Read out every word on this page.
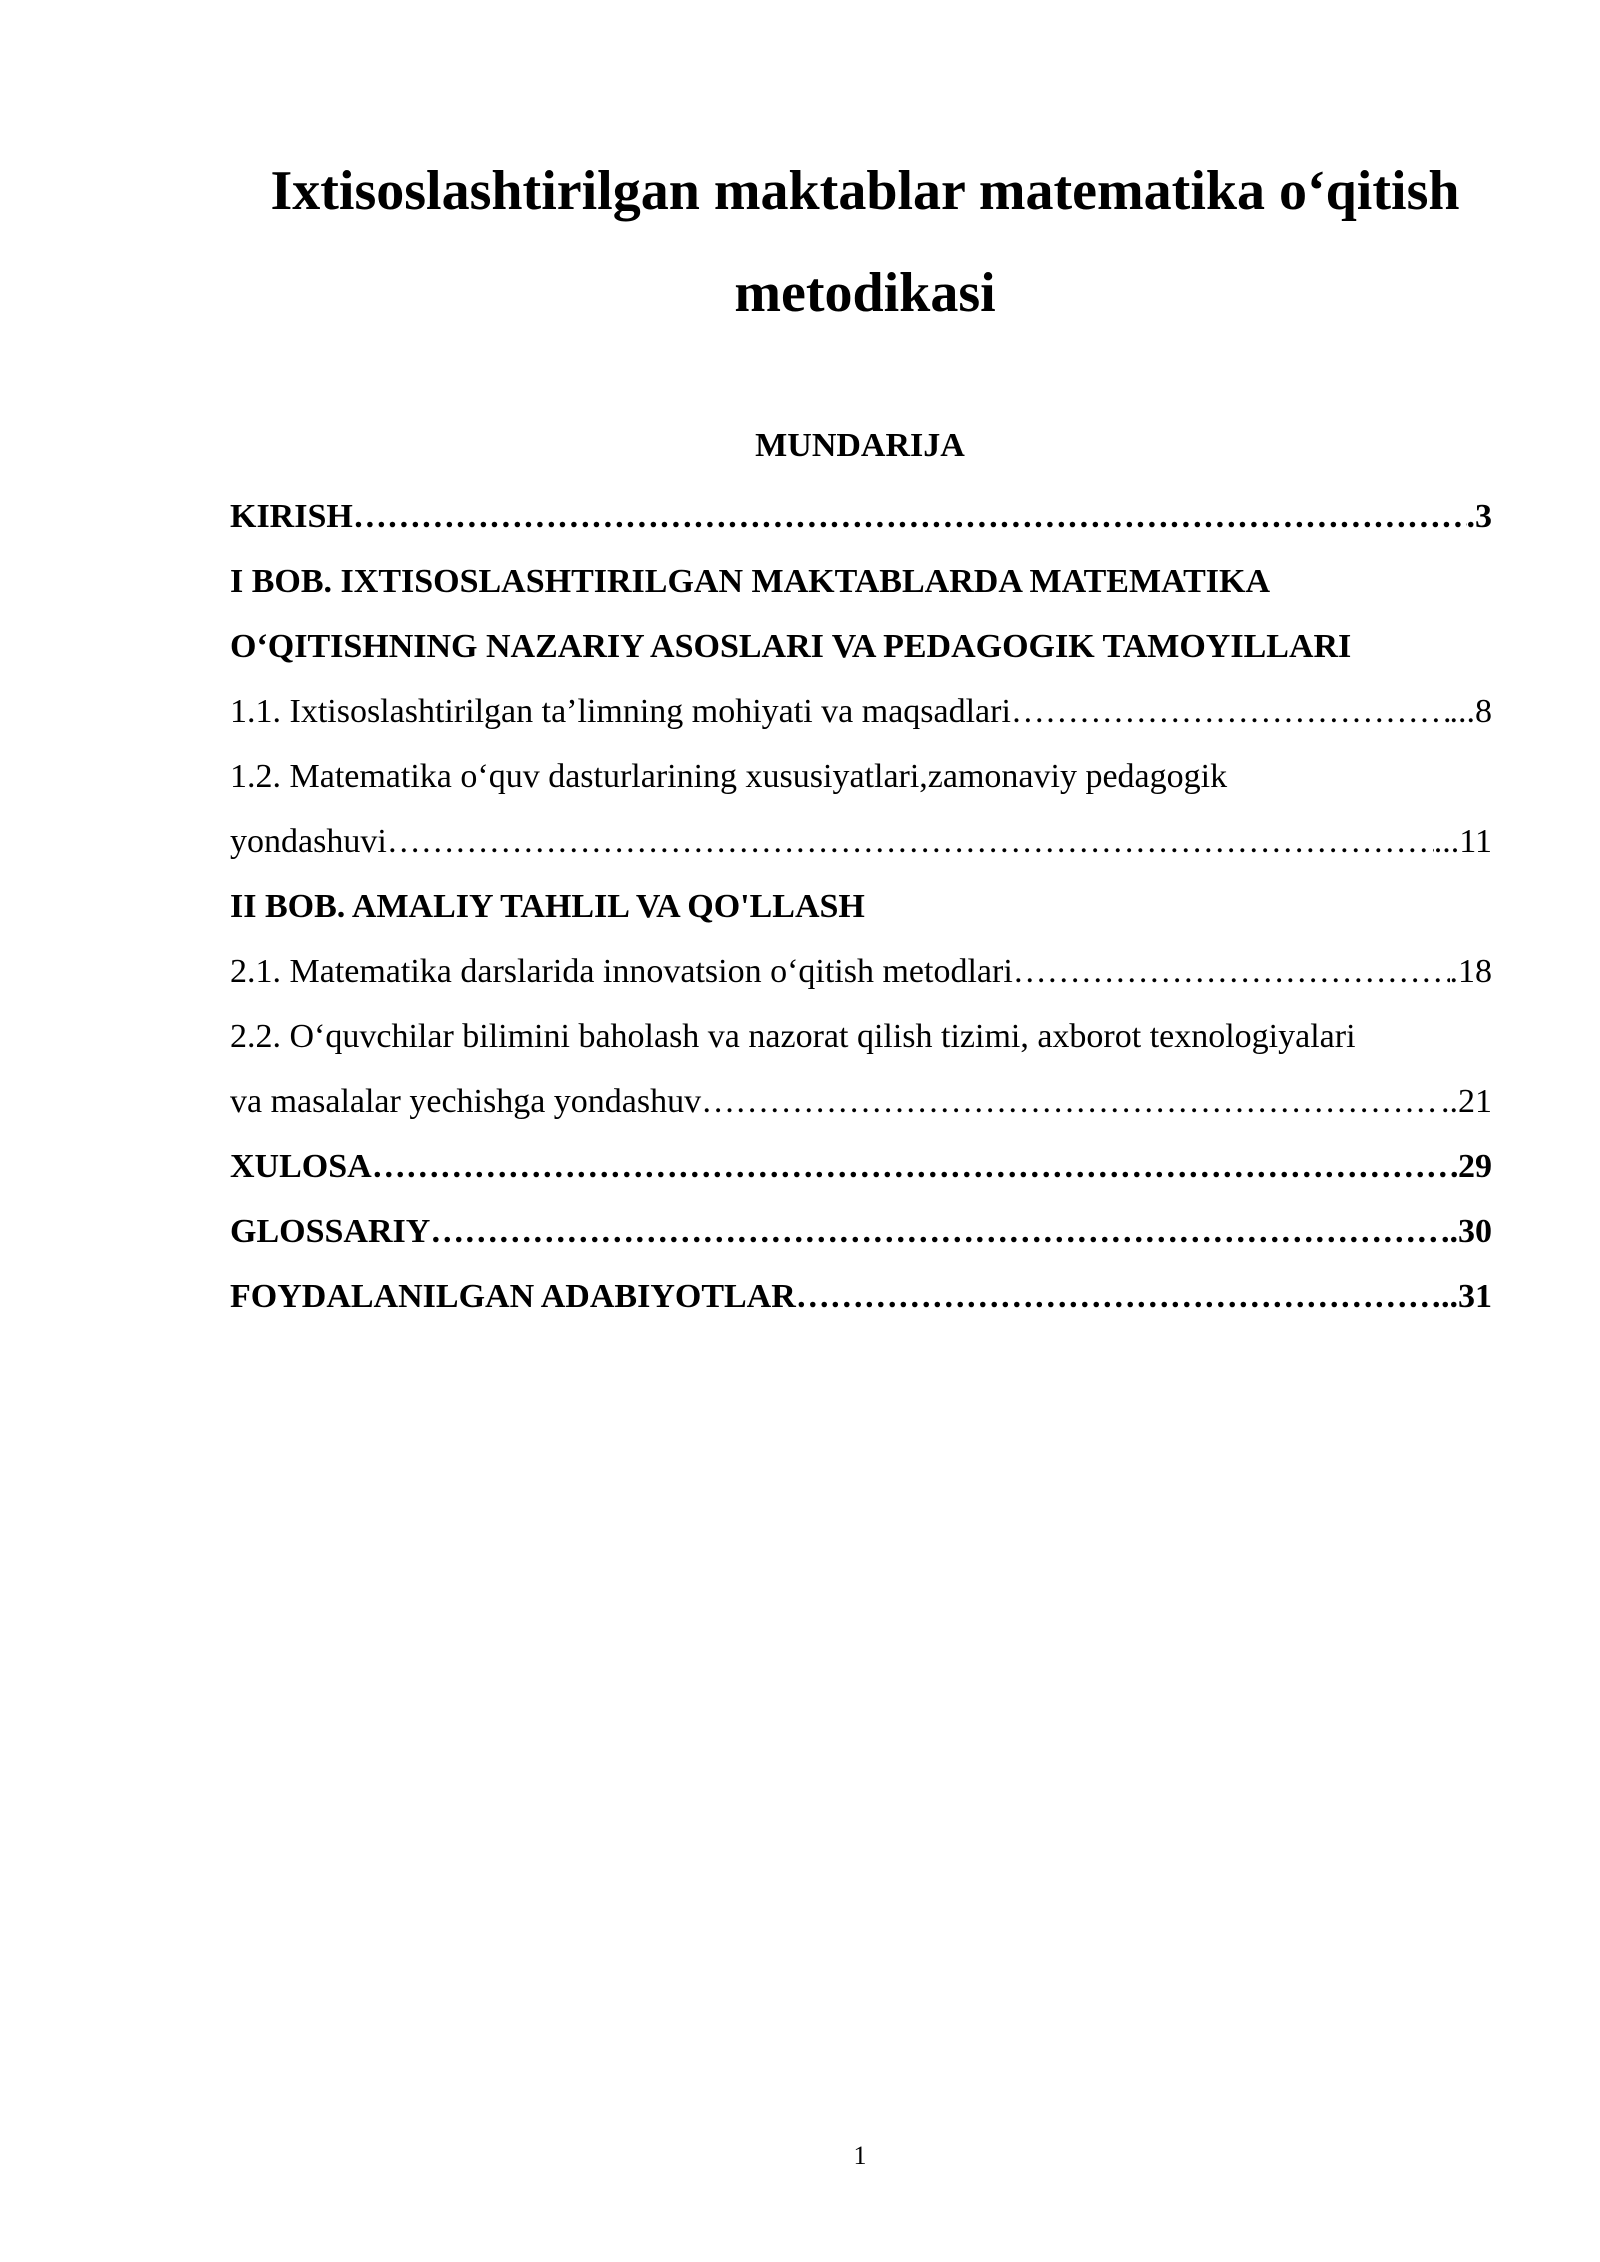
Ixtisoslashtirilgan maktablar matematika o‘qitish
metodikasi
MUNDARIJA
KIRISH …………………………………………………………………………………………………………………………………………………………………………	.3
I BOB. IXTISOSLASHTIRILGAN MAKTABLARDA MATEMATIKA
O‘QITISHNING NAZARIY ASOSLARI VA PEDAGOGIK TAMOYILLARI
1.1. Ixtisoslashtirilgan ta’limning mohiyati va maqsadlari …………………………………………………………………………………………………………………………………………………………………………	...8
1.2. Matematika o‘quv dasturlarining xususiyatlari,zamonaviy pedagogik
yondashuvi …………………………………………………………………………………………………………………………………………………………………………	...11
II BOB. AMALIY TAHLIL VA QO'LLASH
2.1. Matematika darslarida innovatsion o‘qitish metodlari …………………………………………………………………………………………………………………………………………………………………………	.18
2.2. O‘quvchilar bilimini baholash va nazorat qilish tizimi, axborot texnologiyalari
va masalalar yechishga yondashuv …………………………………………………………………………………………………………………………………………………………………………	..21
XULOSA …………………………………………………………………………………………………………………………………………………………………………	29
GLOSSARIY …………………………………………………………………………………………………………………………………………………………………………	..30
FOYDALANILGAN ADABIYOTLAR …………………………………………………………………………………………………………………………………………………………………………	..31
1
